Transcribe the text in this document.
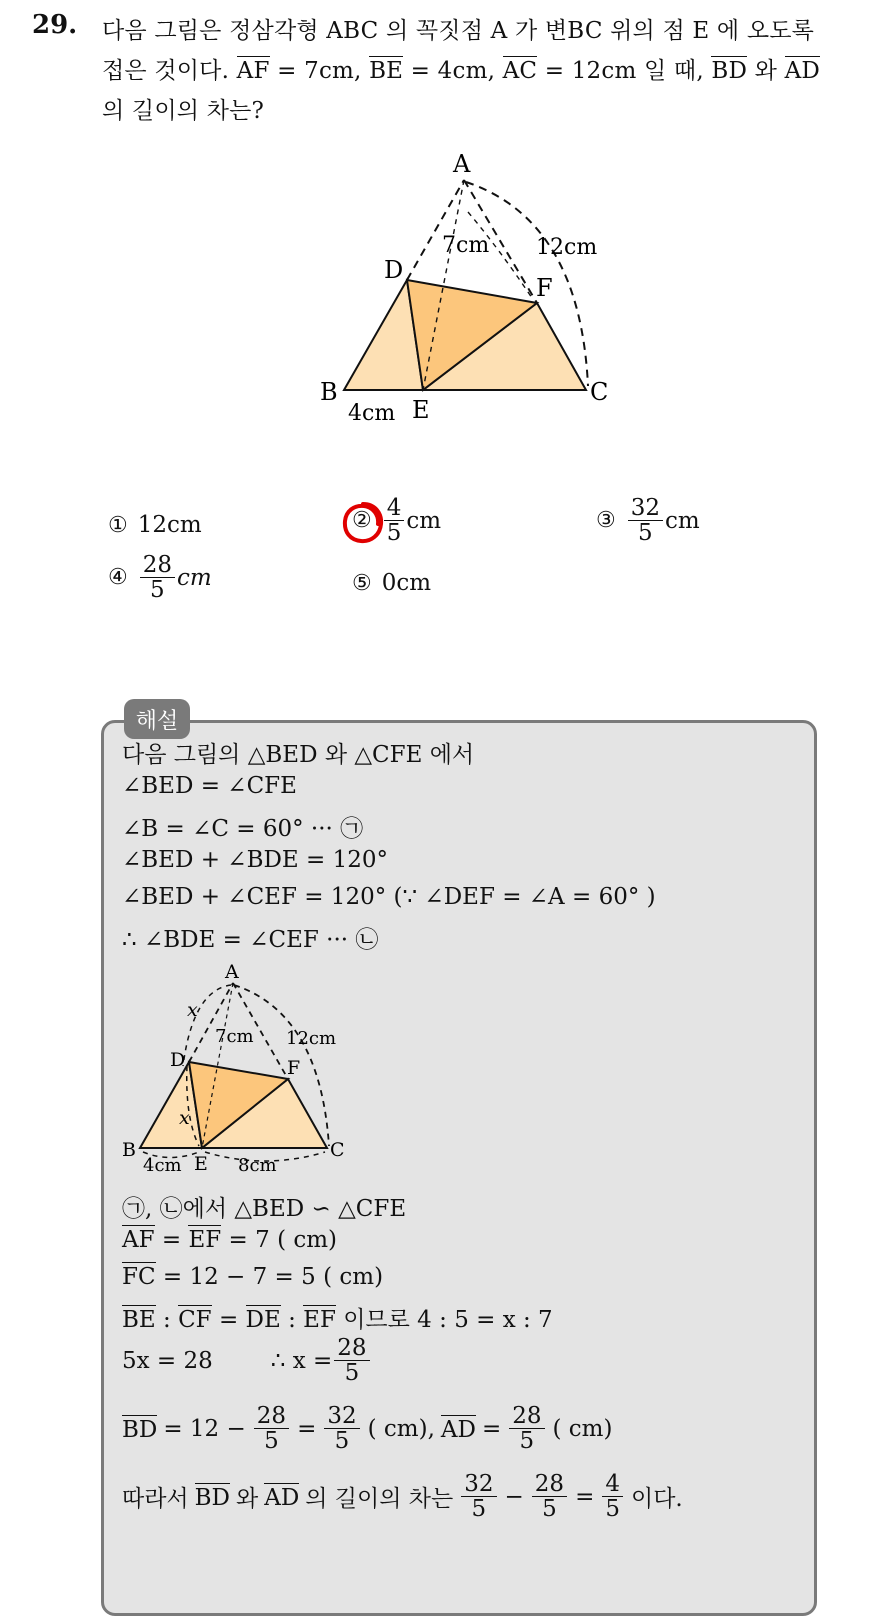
29. 다음 그림은 정삼각형 ABC 의 꼭짓점 A 가 변BC 위의 점 E 에 오도록
접은 것이다. AF = 7cm, BE = 4cm, AC = 12cm 일 때, BD 와 AD
의 길이의 차는?
A
B	C
D
E
F
7cm 12cm
4cm
① 12cm	② $\frac{4}{5}$ cm	③ $\frac{32}{5}$ cm
④ $\frac{28}{5}$ cm	⑤ 0cm
해설
다음 그림의 △BED 와 △CFE 에서
∠BED = ∠CFE
∠B = ∠C = 60° ··· ㉠
∠BED + ∠BDE = 120°
∠BED + ∠CEF = 120° (∵ ∠DEF = ∠A = 60° )
∴ ∠BDE = ∠CEF ··· ㉡
A
B	C
D
E
F
x
x
7cm 12cm
4cm	8cm
㉠, ㉡에서 △BED ∽ △CFE
AF = EF = 7 ( cm)
FC = 12 − 7 = 5 ( cm)
BE : CF = DE : EF 이므로 4 : 5 = x : 7
5x = 28	∴ $x = \frac{28}{5}$
BD = $12 - \frac{28}{5} = \frac{32}{5}$ ( cm), AD = $\frac{28}{5}$ ( cm)
따라서 BD 와 AD 의 길이의 차는 $\frac{32}{5} - \frac{28}{5} = \frac{4}{5}$ 이다.
